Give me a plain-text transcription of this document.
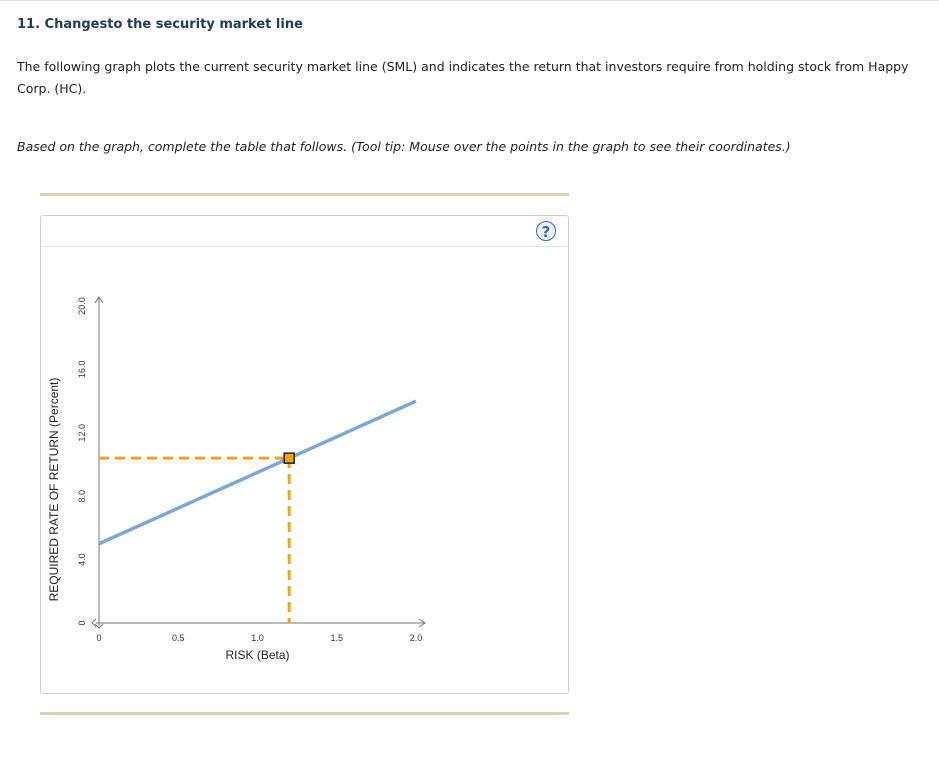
11. Changesto the security market line
The following graph plots the current security market line (SML) and indicates the return that investors require from holding stock from Happy Corp. (HC).
Based on the graph, complete the table that follows. (Tool tip: Mouse over the points in the graph to see their coordinates.)
?
0	0.5	1.0	1.5	2.0
0
4.0
8.0
12.0
16.0
20.0
RISK (Beta)
REQUIRED RATE OF RETURN (Percent)
